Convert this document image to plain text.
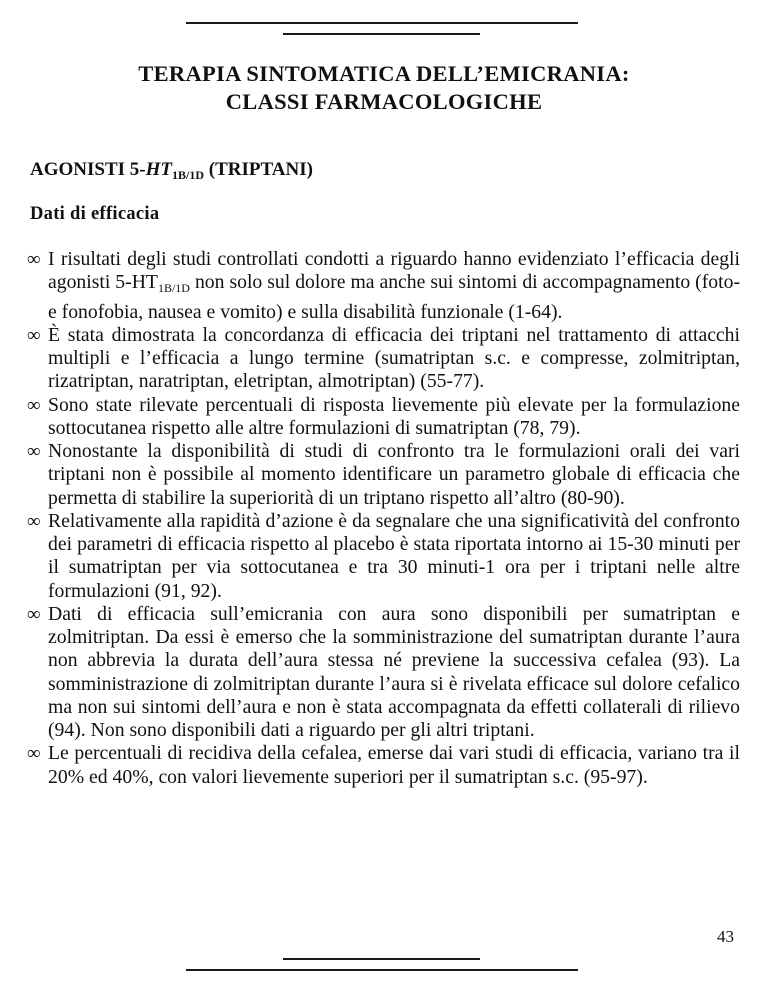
TERAPIA SINTOMATICA DELL’EMICRANIA:
CLASSI FARMACOLOGICHE
AGONISTI $5-HT_{1B/1D}$ (TRIPTANI)
Dati di efficacia
∞ I risultati degli studi controllati condotti a riguardo hanno evidenziato l’efficacia degli agonisti $5-HT_{1B/1D}$ non solo sul dolore ma anche sui sintomi di accompagnamento (foto- e fonofobia, nausea e vomito) e sulla disabilità funzionale (1-64).
∞ È stata dimostrata la concordanza di efficacia dei triptani nel trattamento di attacchi multipli e l’efficacia a lungo termine (sumatriptan s.c. e compresse, zolmitriptan, rizatriptan, naratriptan, eletriptan, almotriptan) (55-77).
∞ Sono state rilevate percentuali di risposta lievemente più elevate per la formulazione sottocutanea rispetto alle altre formulazioni di sumatriptan (78, 79).
∞ Nonostante la disponibilità di studi di confronto tra le formulazioni orali dei vari triptani non è possibile al momento identificare un parametro globale di efficacia che permetta di stabilire la superiorità di un triptano rispetto all’altro (80-90).
∞ Relativamente alla rapidità d’azione è da segnalare che una significatività del confronto dei parametri di efficacia rispetto al placebo è stata riportata intorno ai 15-30 minuti per il sumatriptan per via sottocutanea e tra 30 minuti-1 ora per i triptani nelle altre formulazioni (91, 92).
∞ Dati di efficacia sull’emicrania con aura sono disponibili per sumatriptan e zolmitriptan. Da essi è emerso che la somministrazione del sumatriptan durante l’aura non abbrevia la durata dell’aura stessa né previene la successiva cefalea (93). La somministrazione di zolmitriptan durante l’aura si è rivelata efficace sul dolore cefalico ma non sui sintomi dell’aura e non è stata accompagnata da effetti collaterali di rilievo (94). Non sono disponibili dati a riguardo per gli altri triptani.
∞ Le percentuali di recidiva della cefalea, emerse dai vari studi di efficacia, variano tra il 20% ed 40%, con valori lievemente superiori per il sumatriptan s.c. (95-97).
43
